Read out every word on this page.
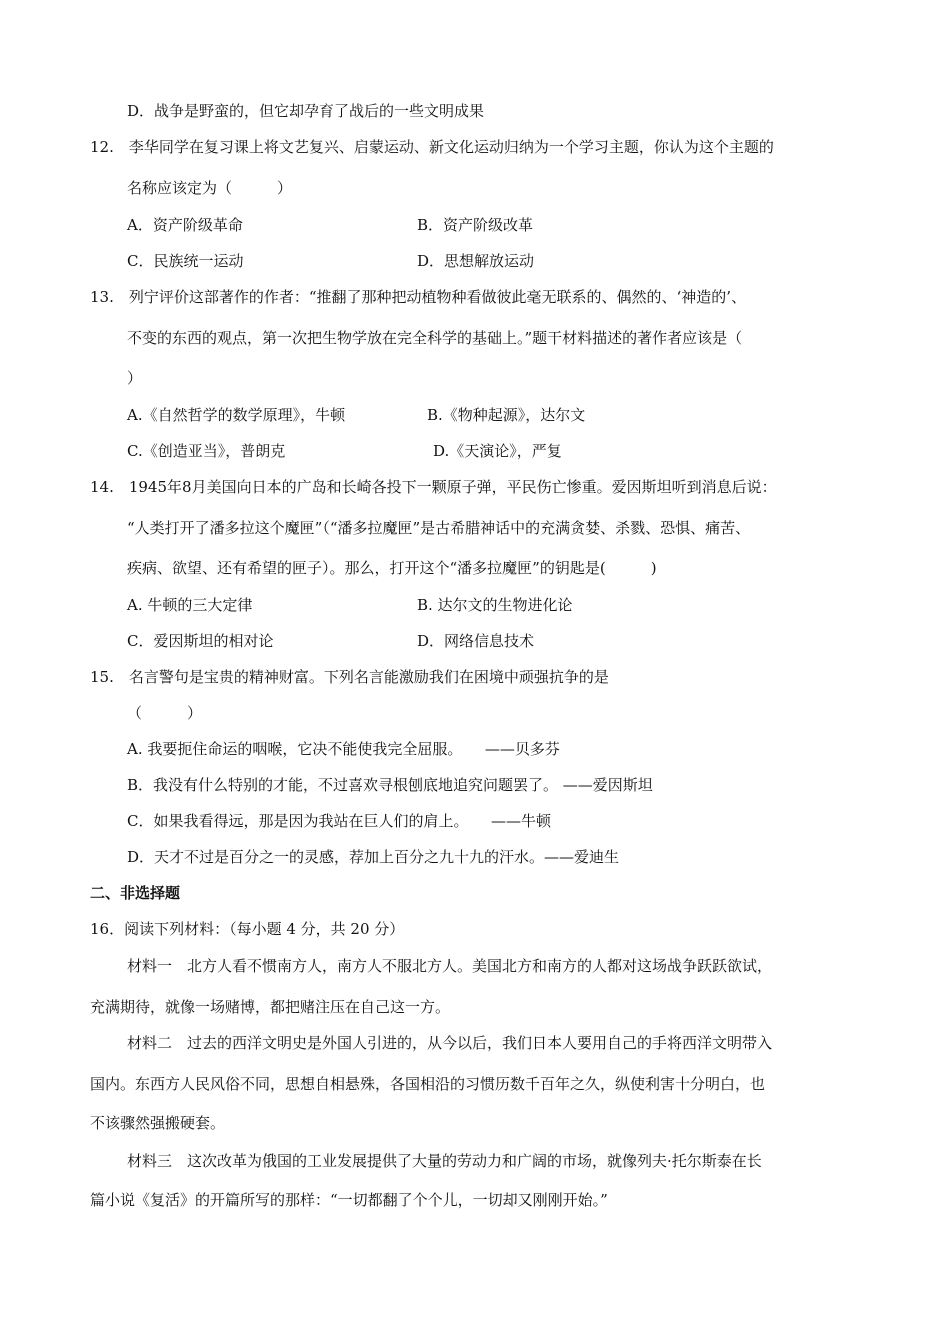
D．战争是野蛮的，但它却孕育了战后的一些文明成果
12.　李华同学在复习课上将文艺复兴、启蒙运动、新文化运动归纳为一个学习主题，你认为这个主题的
名称应该定为（　　　）
A．资产阶级革命	B．资产阶级改革
C．民族统一运动	D．思想解放运动
13.　列宁评价这部著作的作者：“推翻了那种把动植物种看做彼此毫无联系的、偶然的、‘神造的’、
不变的东西的观点，第一次把生物学放在完全科学的基础上。”题干材料描述的著作者应该是（
）
A.《自然哲学的数学原理》，牛顿	B.《物种起源》，达尔文
C.《创造亚当》，普朗克	D.《天演论》，严复
14.　1945年8月美国向日本的广岛和长崎各投下一颗原子弹，平民伤亡惨重。爱因斯坦听到消息后说：
“人类打开了潘多拉这个魔匣”（“潘多拉魔匣”是古希腊神话中的充满贪婪、杀戮、恐惧、痛苦、
疾病、欲望、还有希望的匣子）。那么，打开这个“潘多拉魔匣”的钥匙是(　　　)
A. 牛顿的三大定律	B. 达尔文的生物进化论
C．爱因斯坦的相对论	D．网络信息技术
15.　名言警句是宝贵的精神财富。下列名言能激励我们在困境中顽强抗争的是
（　　　）
A. 我要扼住命运的咽喉，它决不能使我完全屈服。　　——贝多芬
B．我没有什么特别的才能，不过喜欢寻根刨底地追究问题罢了。 ——爱因斯坦
C．如果我看得远，那是因为我站在巨人们的肩上。　　——牛顿
D．天才不过是百分之一的灵感，荐加上百分之九十九的汗水。——爱迪生
二、非选择题
16．阅读下列材料：（每小题 4 分，共 20 分）
材料一　北方人看不惯南方人，南方人不服北方人。美国北方和南方的人都对这场战争跃跃欲试，
充满期待，就像一场赌博，都把赌注压在自己这一方。
材料二　过去的西洋文明史是外国人引进的，从今以后，我们日本人要用自己的手将西洋文明带入
国内。东西方人民风俗不同，思想自相悬殊，各国相沿的习惯历数千百年之久，纵使利害十分明白，也
不该骤然强搬硬套。
材料三　这次改革为俄国的工业发展提供了大量的劳动力和广阔的市场，就像列夫·托尔斯泰在长
篇小说《复活》的开篇所写的那样：“一切都翻了个个儿，一切却又刚刚开始。”
